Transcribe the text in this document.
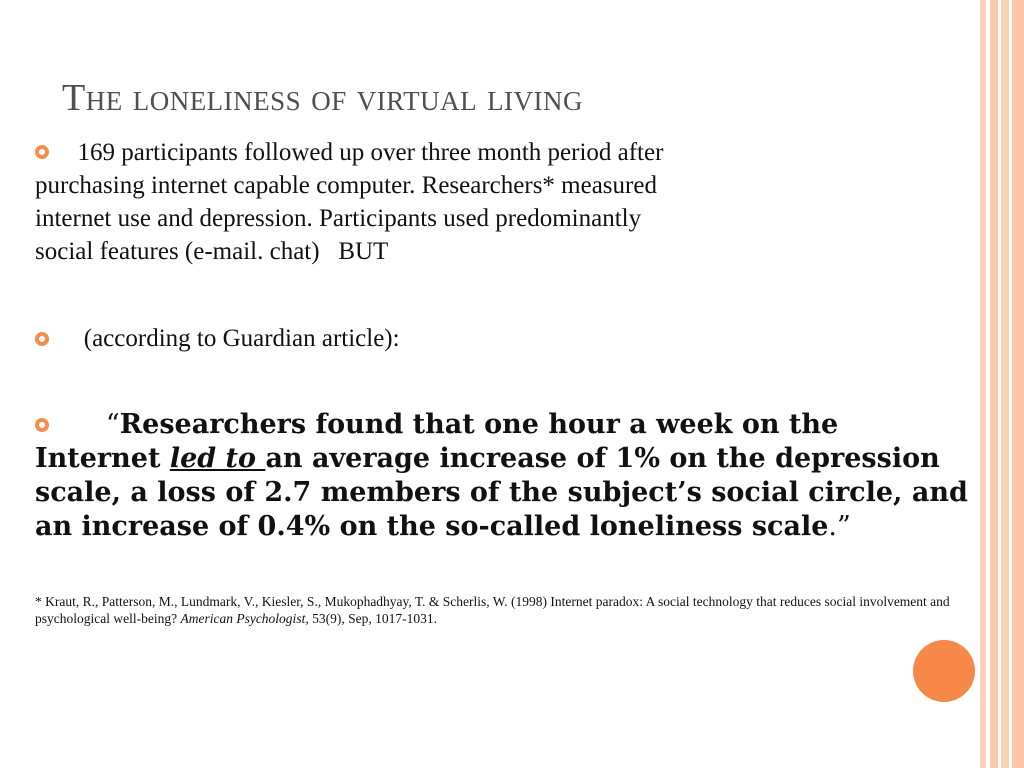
The loneliness of virtual living
169 participants followed up over three month period after
purchasing internet capable computer. Researchers* measured
internet use and depression. Participants used predominantly
social features (e-mail. chat)   BUT
(according to Guardian article):
“Researchers found that one hour a week on the
Internet led to an average increase of 1% on the depression
scale, a loss of 2.7 members of the subject’s social circle, and
an increase of 0.4% on the so-called loneliness scale.”
* Kraut, R., Patterson, M., Lundmark, V., Kiesler, S., Mukophadhyay, T. & Scherlis, W. (1998) Internet paradox: A social technology that reduces social involvement and psychological well-being? American Psychologist, 53(9), Sep, 1017-1031.
